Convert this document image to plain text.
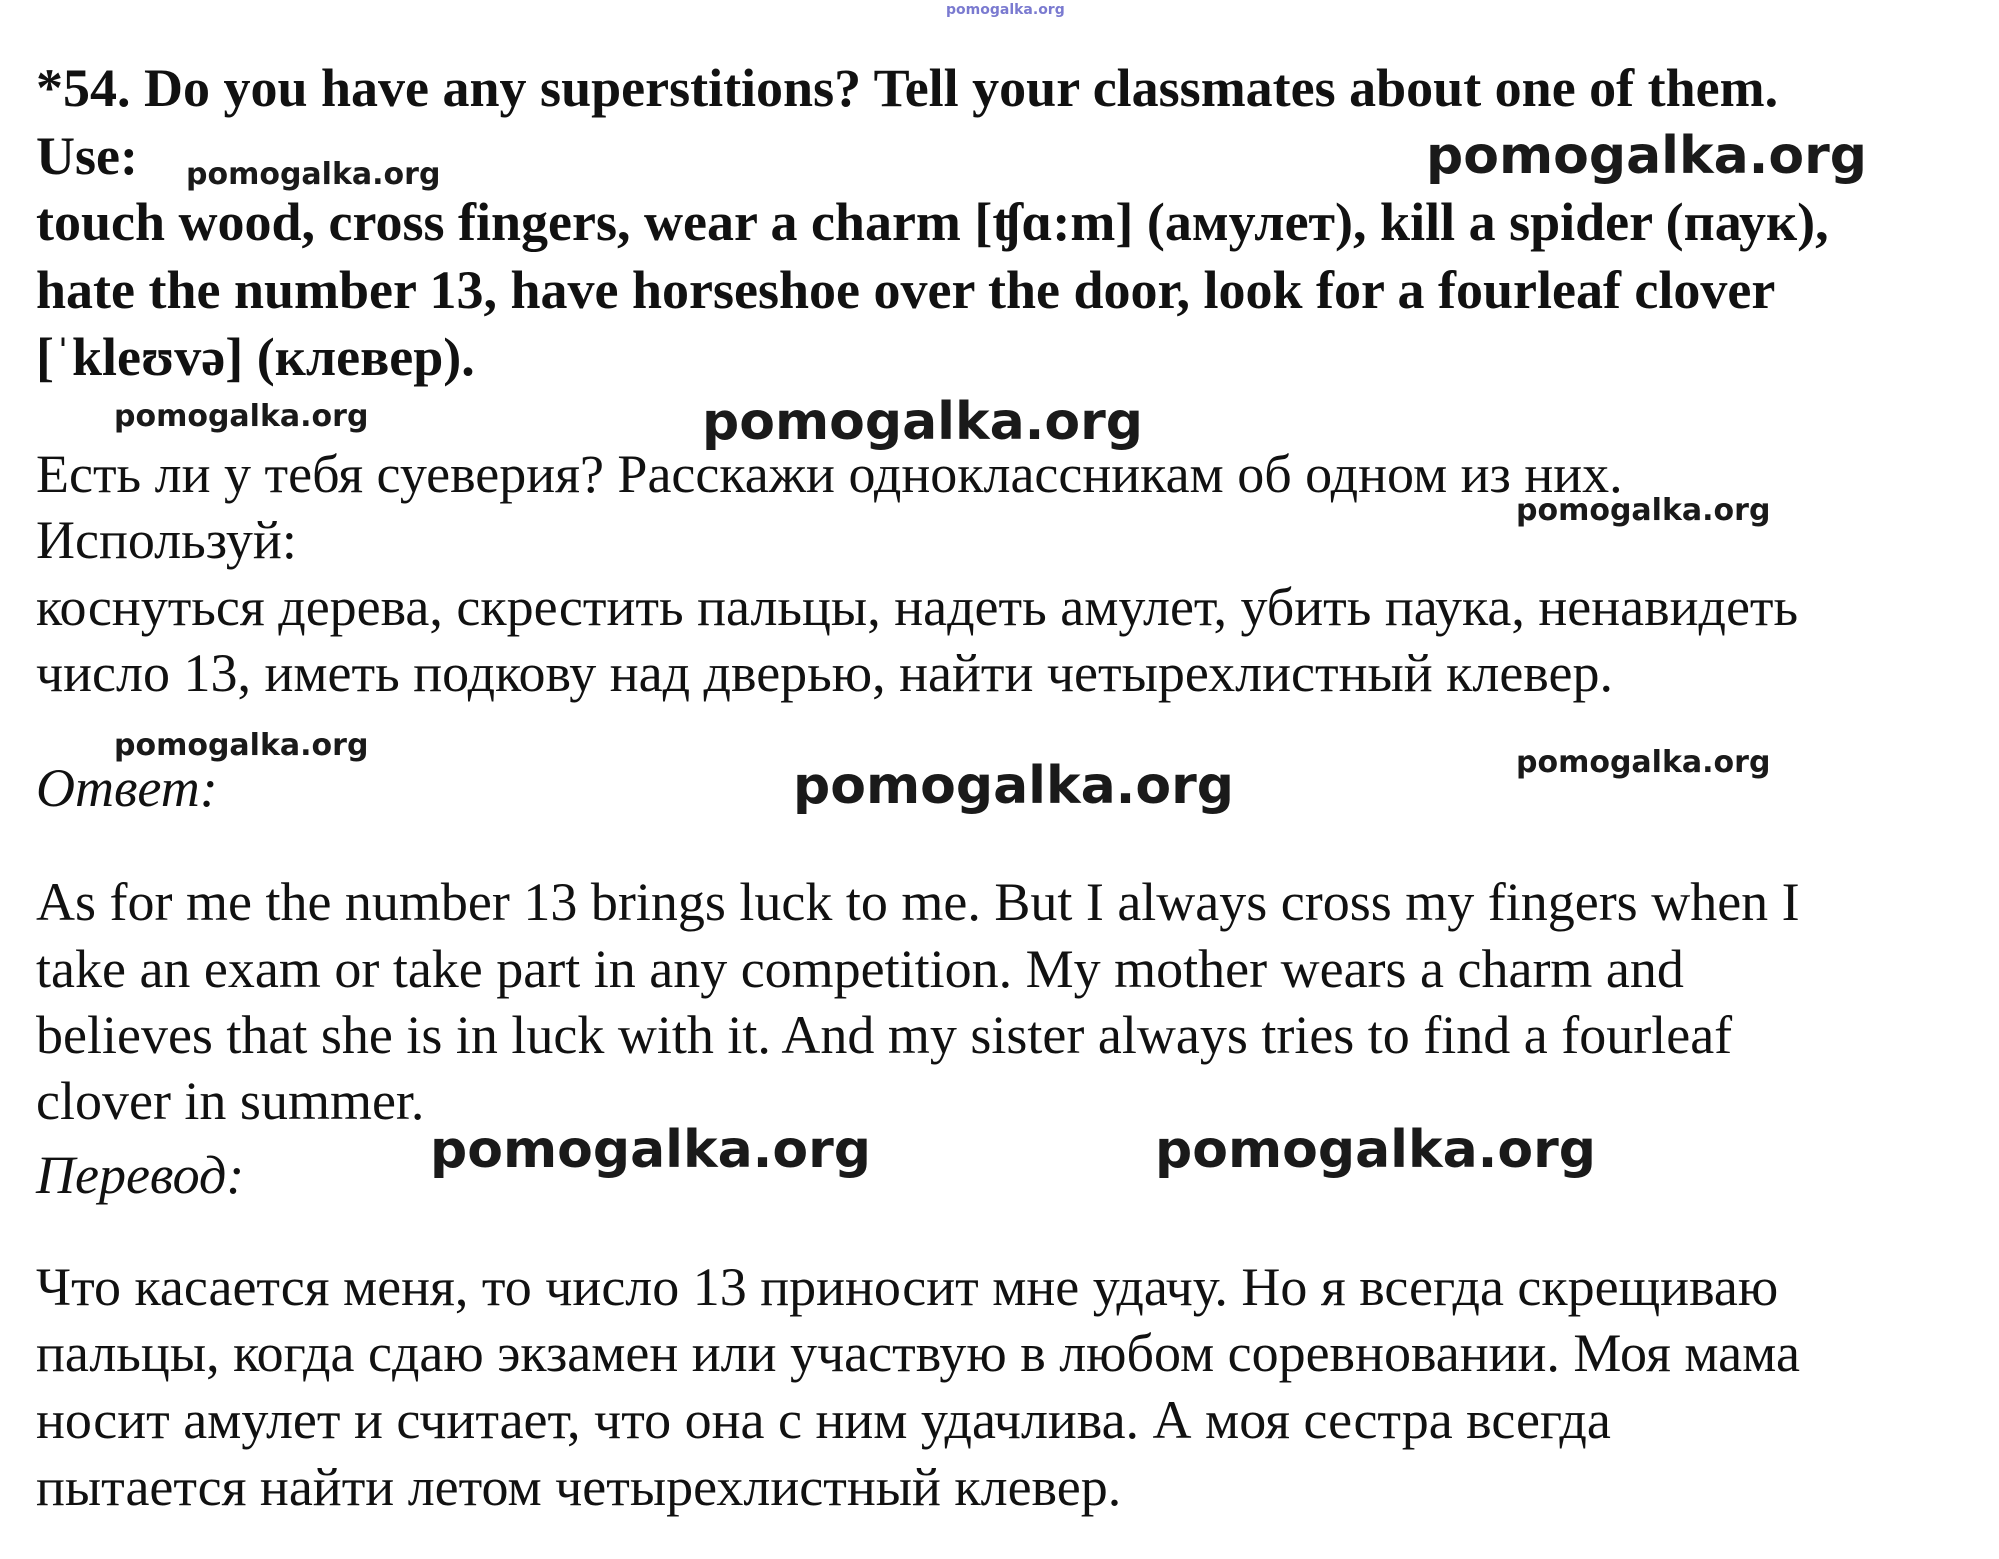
pomogalka.org
*54. Do you have any superstitions? Tell your classmates about one of them.
Use:
touch wood, cross fingers, wear a charm [ʧɑ:m] (амулет), kill a spider (паук),
hate the number 13, have horseshoe over the door, look for a fourleaf clover
[ˈkleʊvə] (клевер).
Есть ли у тебя суеверия? Расскажи одноклассникам об одном из них.
Используй:
коснуться дерева, скрестить пальцы, надеть амулет, убить паука, ненавидеть
число 13, иметь подкову над дверью, найти четырехлистный клевер.
Ответ:
As for me the number 13 brings luck to me. But I always cross my fingers when I
take an exam or take part in any competition. My mother wears a charm and
believes that she is in luck with it. And my sister always tries to find a fourleaf
clover in summer.
Перевод:
Что касается меня, то число 13 приносит мне удачу. Но я всегда скрещиваю
пальцы, когда сдаю экзамен или участвую в любом соревновании. Моя мама
носит амулет и считает, что она с ним удачлива. А моя сестра всегда
пытается найти летом четырехлистный клевер.
pomogalka.org	pomogalka.org
pomogalka.org	pomogalka.org
pomogalka.org
pomogalka.org	pomogalka.org
pomogalka.org
pomogalka.org	pomogalka.org
